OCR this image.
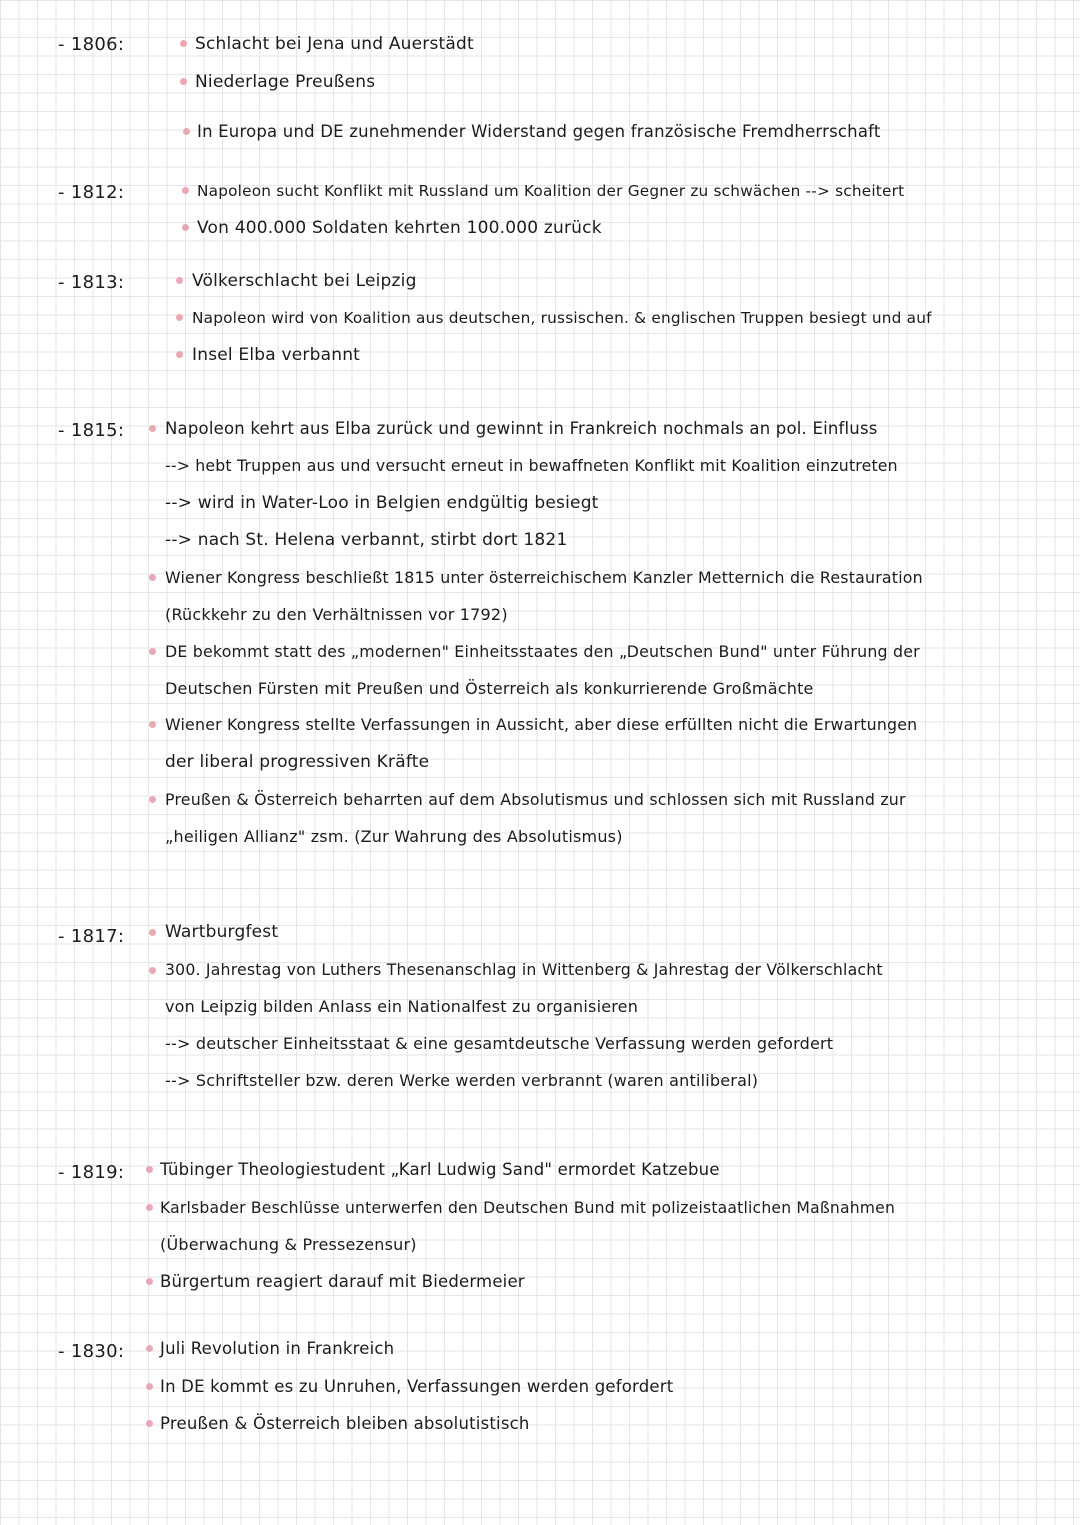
- 1806:	Schlacht bei Jena und Auerstädt
Niederlage Preußens
In Europa und DE zunehmender Widerstand gegen französische Fremdherrschaft
- 1812:	Napoleon sucht Konflikt mit Russland um Koalition der Gegner zu schwächen --> scheitert
Von 400.000 Soldaten kehrten 100.000 zurück
- 1813:	Völkerschlacht bei Leipzig
Napoleon wird von Koalition aus deutschen, russischen. & englischen Truppen besiegt und auf
Insel Elba verbannt
- 1815: Napoleon kehrt aus Elba zurück und gewinnt in Frankreich nochmals an pol. Einfluss
--> hebt Truppen aus und versucht erneut in bewaffneten Konflikt mit Koalition einzutreten
--> wird in Water-Loo in Belgien endgültig besiegt
--> nach St. Helena verbannt, stirbt dort 1821
Wiener Kongress beschließt 1815 unter österreichischem Kanzler Metternich die Restauration
(Rückkehr zu den Verhältnissen vor 1792)
DE bekommt statt des „modernen" Einheitsstaates den „Deutschen Bund" unter Führung der
Deutschen Fürsten mit Preußen und Österreich als konkurrierende Großmächte
Wiener Kongress stellte Verfassungen in Aussicht, aber diese erfüllten nicht die Erwartungen
der liberal progressiven Kräfte
Preußen & Österreich beharrten auf dem Absolutismus und schlossen sich mit Russland zur
„heiligen Allianz" zsm. (Zur Wahrung des Absolutismus)
- 1817: Wartburgfest
300. Jahrestag von Luthers Thesenanschlag in Wittenberg & Jahrestag der Völkerschlacht
von Leipzig bilden Anlass ein Nationalfest zu organisieren
--> deutscher Einheitsstaat & eine gesamtdeutsche Verfassung werden gefordert
--> Schriftsteller bzw. deren Werke werden verbrannt (waren antiliberal)
- 1819: Tübinger Theologiestudent „Karl Ludwig Sand" ermordet Katzebue
Karlsbader Beschlüsse unterwerfen den Deutschen Bund mit polizeistaatlichen Maßnahmen
(Überwachung & Pressezensur)
Bürgertum reagiert darauf mit Biedermeier
- 1830: Juli Revolution in Frankreich
In DE kommt es zu Unruhen, Verfassungen werden gefordert
Preußen & Österreich bleiben absolutistisch
